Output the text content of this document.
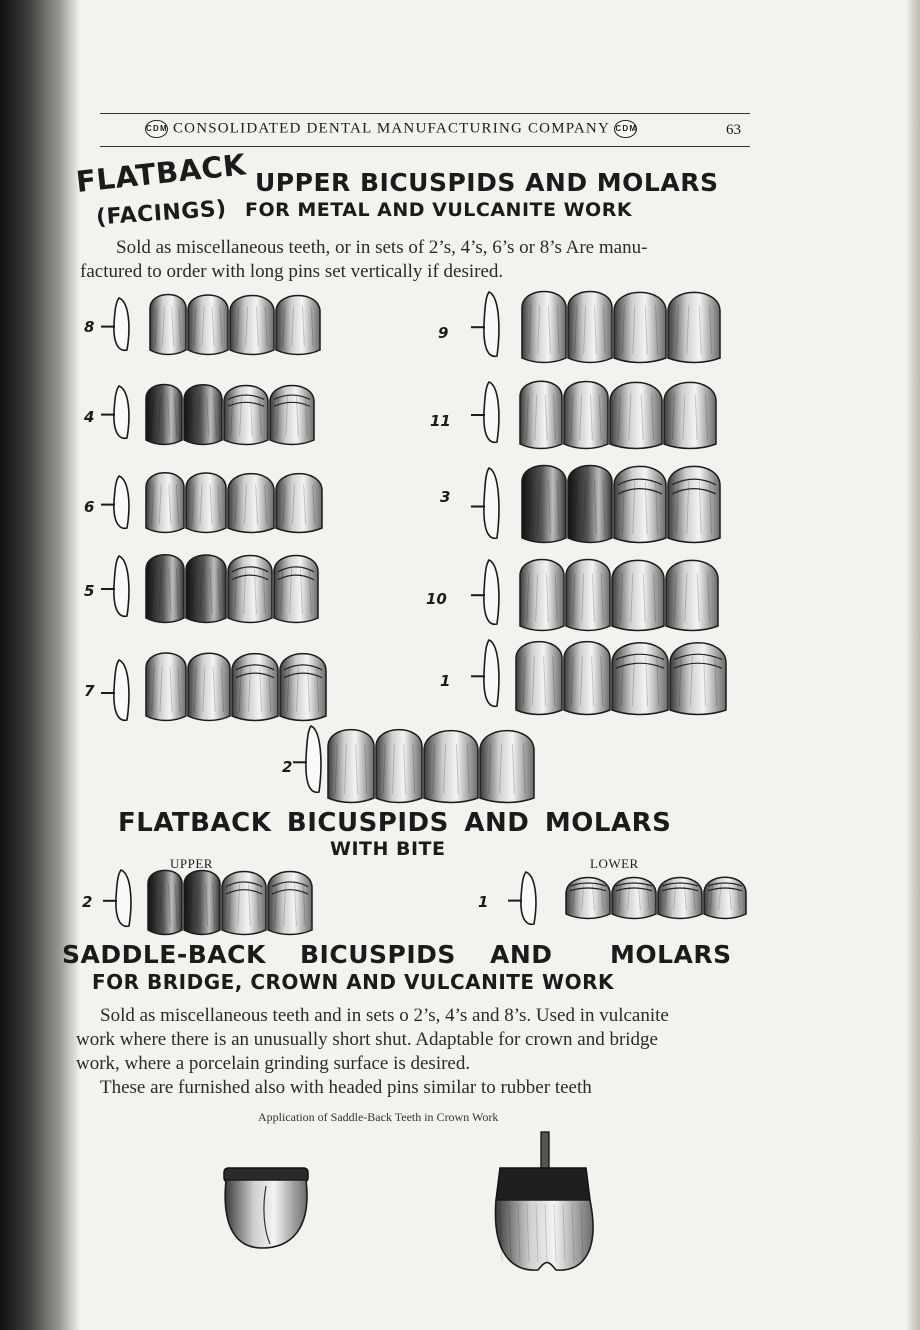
CDM CONSOLIDATED DENTAL MANUFACTURING COMPANY CDM	63
FLATBACK UPPER BICUSPIDS AND MOLARS
(FACINGS) FOR METAL AND VULCANITE WORK
Sold as miscellaneous teeth, or in sets of 2’s, 4’s, 6’s or 8’s Are manu-
factured to order with long pins set vertically if desired.
8
4
6
5
7
9
11
3
10
1
2
FLATBACK BICUSPIDS AND MOLARS
WITH BITE
UPPER	LOWER
2	1
SADDLE-BACK BICUSPIDS AND MOLARS
FOR BRIDGE, CROWN AND VULCANITE WORK
Sold as miscellaneous teeth and in sets o 2’s, 4’s and 8’s. Used in vulcanite
work where there is an unusually short shut. Adaptable for crown and bridge
work, where a porcelain grinding surface is desired.
These are furnished also with headed pins similar to rubber teeth
Application of Saddle-Back Teeth in Crown Work
